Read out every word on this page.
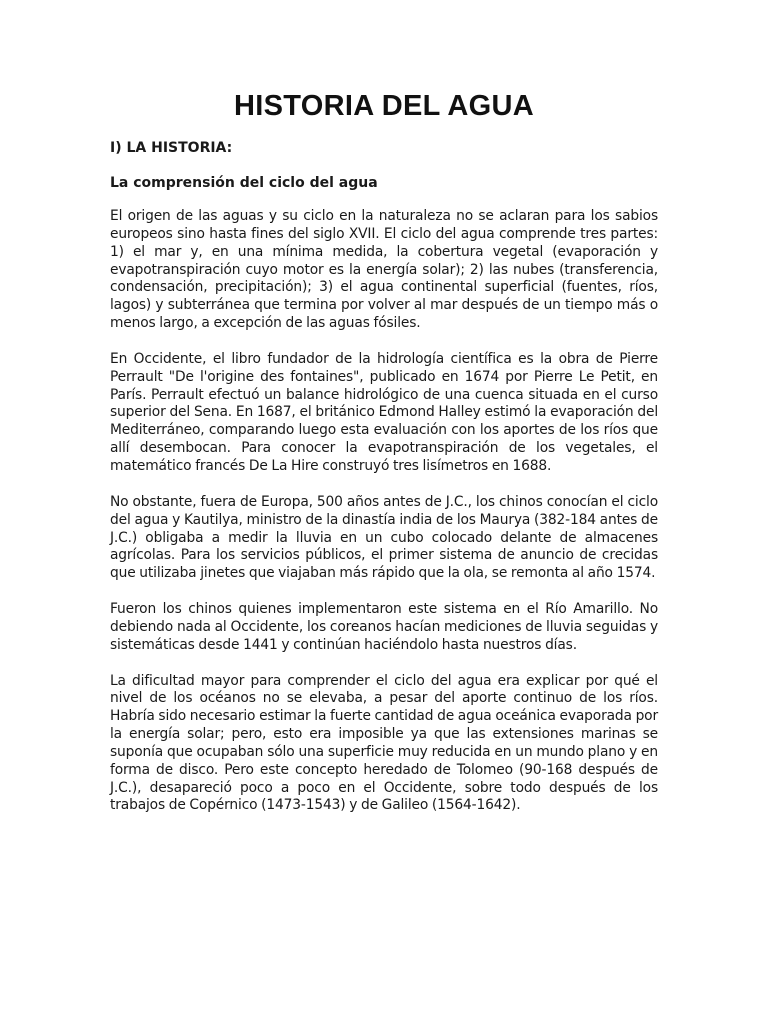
HISTORIA DEL AGUA
I) LA HISTORIA:
La comprensión del ciclo del agua

El origen de las aguas y su ciclo en la naturaleza no se aclaran para los sabios europeos sino hasta fines del siglo XVII. El ciclo del agua comprende tres partes: 1) el mar y, en una mínima medida, la cobertura vegetal (evaporación y evapotranspiración cuyo motor es la energía solar); 2) las nubes (transferencia, condensación, precipitación); 3) el agua continental superficial (fuentes, ríos, lagos) y subterránea que termina por volver al mar después de un tiempo más o menos largo, a excepción de las aguas fósiles.

En Occidente, el libro fundador de la hidrología científica es la obra de Pierre Perrault "De l'origine des fontaines", publicado en 1674 por Pierre Le Petit, en París. Perrault efectuó un balance hidrológico de una cuenca situada en el curso superior del Sena. En 1687, el británico Edmond Halley estimó la evaporación del Mediterráneo, comparando luego esta evaluación con los aportes de los ríos que allí desembocan. Para conocer la evapotranspiración de los vegetales, el matemático francés De La Hire construyó tres lisímetros en 1688.

No obstante, fuera de Europa, 500 años antes de J.C., los chinos conocían el ciclo del agua y Kautilya, ministro de la dinastía india de los Maurya (382-184 antes de J.C.) obligaba a medir la lluvia en un cubo colocado delante de almacenes agrícolas. Para los servicios públicos, el primer sistema de anuncio de crecidas que utilizaba jinetes que viajaban más rápido que la ola, se remonta al año 1574.

Fueron los chinos quienes implementaron este sistema en el Río Amarillo. No debiendo nada al Occidente, los coreanos hacían mediciones de lluvia seguidas y sistemáticas desde 1441 y continúan haciéndolo hasta nuestros días.

La dificultad mayor para comprender el ciclo del agua era explicar por qué el nivel de los océanos no se elevaba, a pesar del aporte continuo de los ríos. Habría sido necesario estimar la fuerte cantidad de agua oceánica evaporada por la energía solar; pero, esto era imposible ya que las extensiones marinas se suponía que ocupaban sólo una superficie muy reducida en un mundo plano y en forma de disco. Pero este concepto heredado de Tolomeo (90-168 después de J.C.), desapareció poco a poco en el Occidente, sobre todo después de los trabajos de Copérnico (1473-1543) y de Galileo (1564-1642).
